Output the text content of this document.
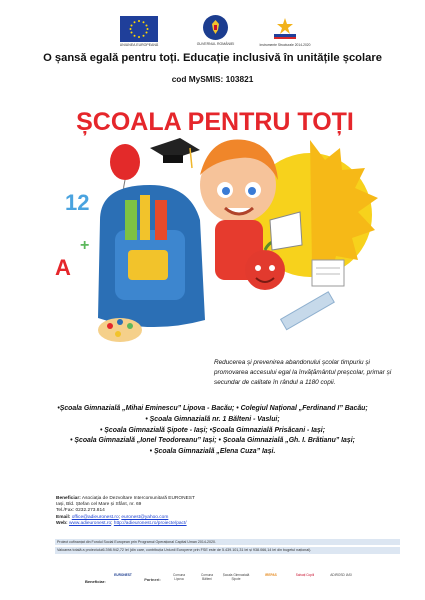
UNIUNEA EUROPEANĂ	GUVERNUL ROMÂNIEI	Instrumente Structurale 2014-2020
O șansă egală pentru toți. Educație inclusivă în unitățile școlare
cod MySMIS: 103821
ȘCOALA PENTRU TOȚI
12
A
+
Reducerea și prevenirea abandonului școlar timpuriu și promovarea accesului egal la învățământul preșcolar, primar și secundar de calitate în rândul a 1180 copii.
•Școala Gimnazială „Mihai Eminescu” Lipova - Bacău; • Colegiul Național „Ferdinand I” Bacău;
• Școala Gimnazială nr. 1 Bălteni - Vaslui;
• Școala Gimnazială Șipote - Iași; •Școala Gimnazială Prisăcani - Iași;
• Școala Gimnazială „Ionel Teodoreanu” Iași; • Școala Gimnazială „Gh. I. Brătianu” Iași;
• Școala Gimnazială „Elena Cuza” Iași.
Beneficiar: Asociația de Dezvoltare Intercomunitară EURONEST
Iași, Bld. Ștefan cel Mare și Sfânt, nr. 69
Tel./Fax: 0232.273.814
Email: office@adieuronest.ro; euronest@yahoo.com
Web: www.adieuronest.ro; http://adieuronest.ro/proiecte/pact/
Proiect cofinanțat din Fondul Social European prin Programul Operațional Capital Uman 2014-2020.
Valoarea totală a proiectului6.398.942,72 lei (din care, contribuția Uniunii Europene prin FSE este de 5.439.101,31 lei și 938.066,14 lei din bugetul național).
Beneficiar:
EURONEST
Partneri:
Comuna Lipova
Comuna Bălteni
Școala Gimnazială Șipote
IREPAS	Salvați Copiii	ADIROSD IASI
